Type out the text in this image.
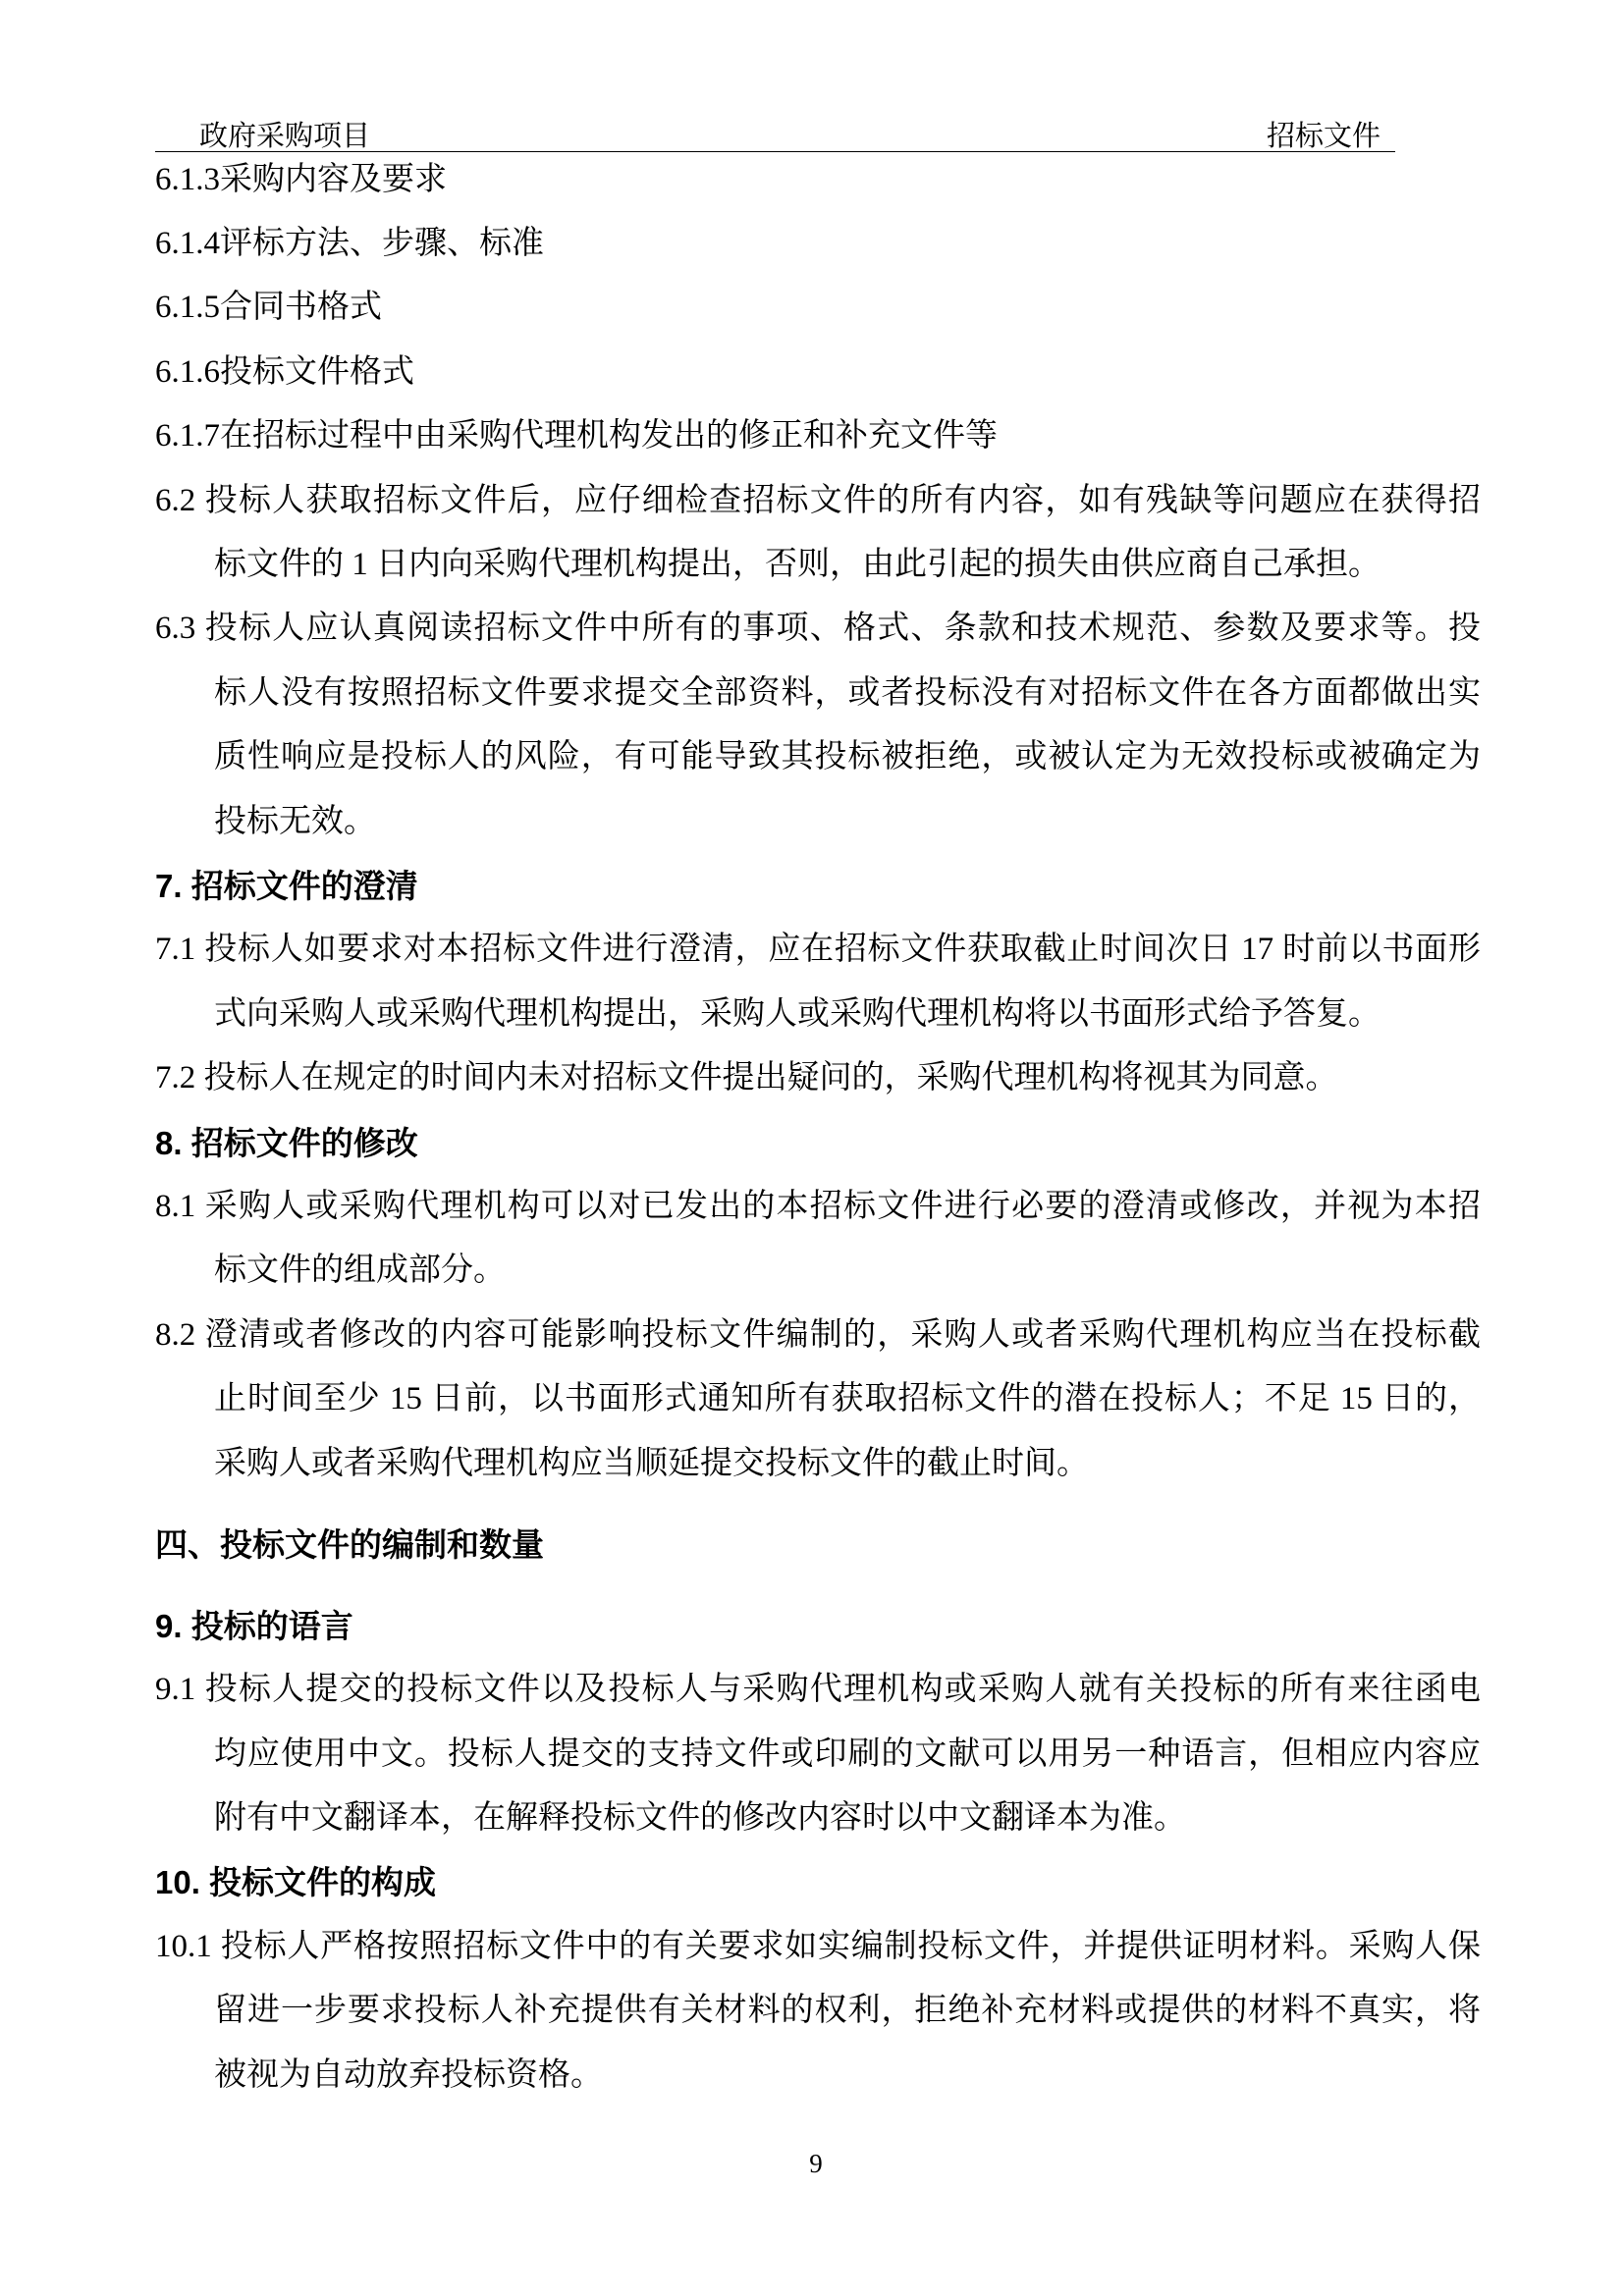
政府采购项目	招标文件
6.1.3采购内容及要求
6.1.4评标方法、步骤、标准
6.1.5合同书格式
6.1.6投标文件格式
6.1.7在招标过程中由采购代理机构发出的修正和补充文件等
6.2 投标人获取招标文件后，应仔细检查招标文件的所有内容，如有残缺等问题应在获得招
标文件的 1 日内向采购代理机构提出，否则，由此引起的损失由供应商自己承担。
6.3 投标人应认真阅读招标文件中所有的事项、格式、条款和技术规范、参数及要求等。投
标人没有按照招标文件要求提交全部资料，或者投标没有对招标文件在各方面都做出实
质性响应是投标人的风险，有可能导致其投标被拒绝，或被认定为无效投标或被确定为
投标无效。
7. 招标文件的澄清
7.1 投标人如要求对本招标文件进行澄清，应在招标文件获取截止时间次日 17 时前以书面形
式向采购人或采购代理机构提出，采购人或采购代理机构将以书面形式给予答复。
7.2 投标人在规定的时间内未对招标文件提出疑问的，采购代理机构将视其为同意。
8. 招标文件的修改
8.1 采购人或采购代理机构可以对已发出的本招标文件进行必要的澄清或修改，并视为本招
标文件的组成部分。
8.2 澄清或者修改的内容可能影响投标文件编制的，采购人或者采购代理机构应当在投标截
止时间至少 15 日前，以书面形式通知所有获取招标文件的潜在投标人；不足 15 日的，
采购人或者采购代理机构应当顺延提交投标文件的截止时间。
四、投标文件的编制和数量
9. 投标的语言
9.1 投标人提交的投标文件以及投标人与采购代理机构或采购人就有关投标的所有来往函电
均应使用中文。投标人提交的支持文件或印刷的文献可以用另一种语言，但相应内容应
附有中文翻译本，在解释投标文件的修改内容时以中文翻译本为准。
10. 投标文件的构成
10.1 投标人严格按照招标文件中的有关要求如实编制投标文件，并提供证明材料。采购人保
留进一步要求投标人补充提供有关材料的权利，拒绝补充材料或提供的材料不真实，将
被视为自动放弃投标资格。
9
